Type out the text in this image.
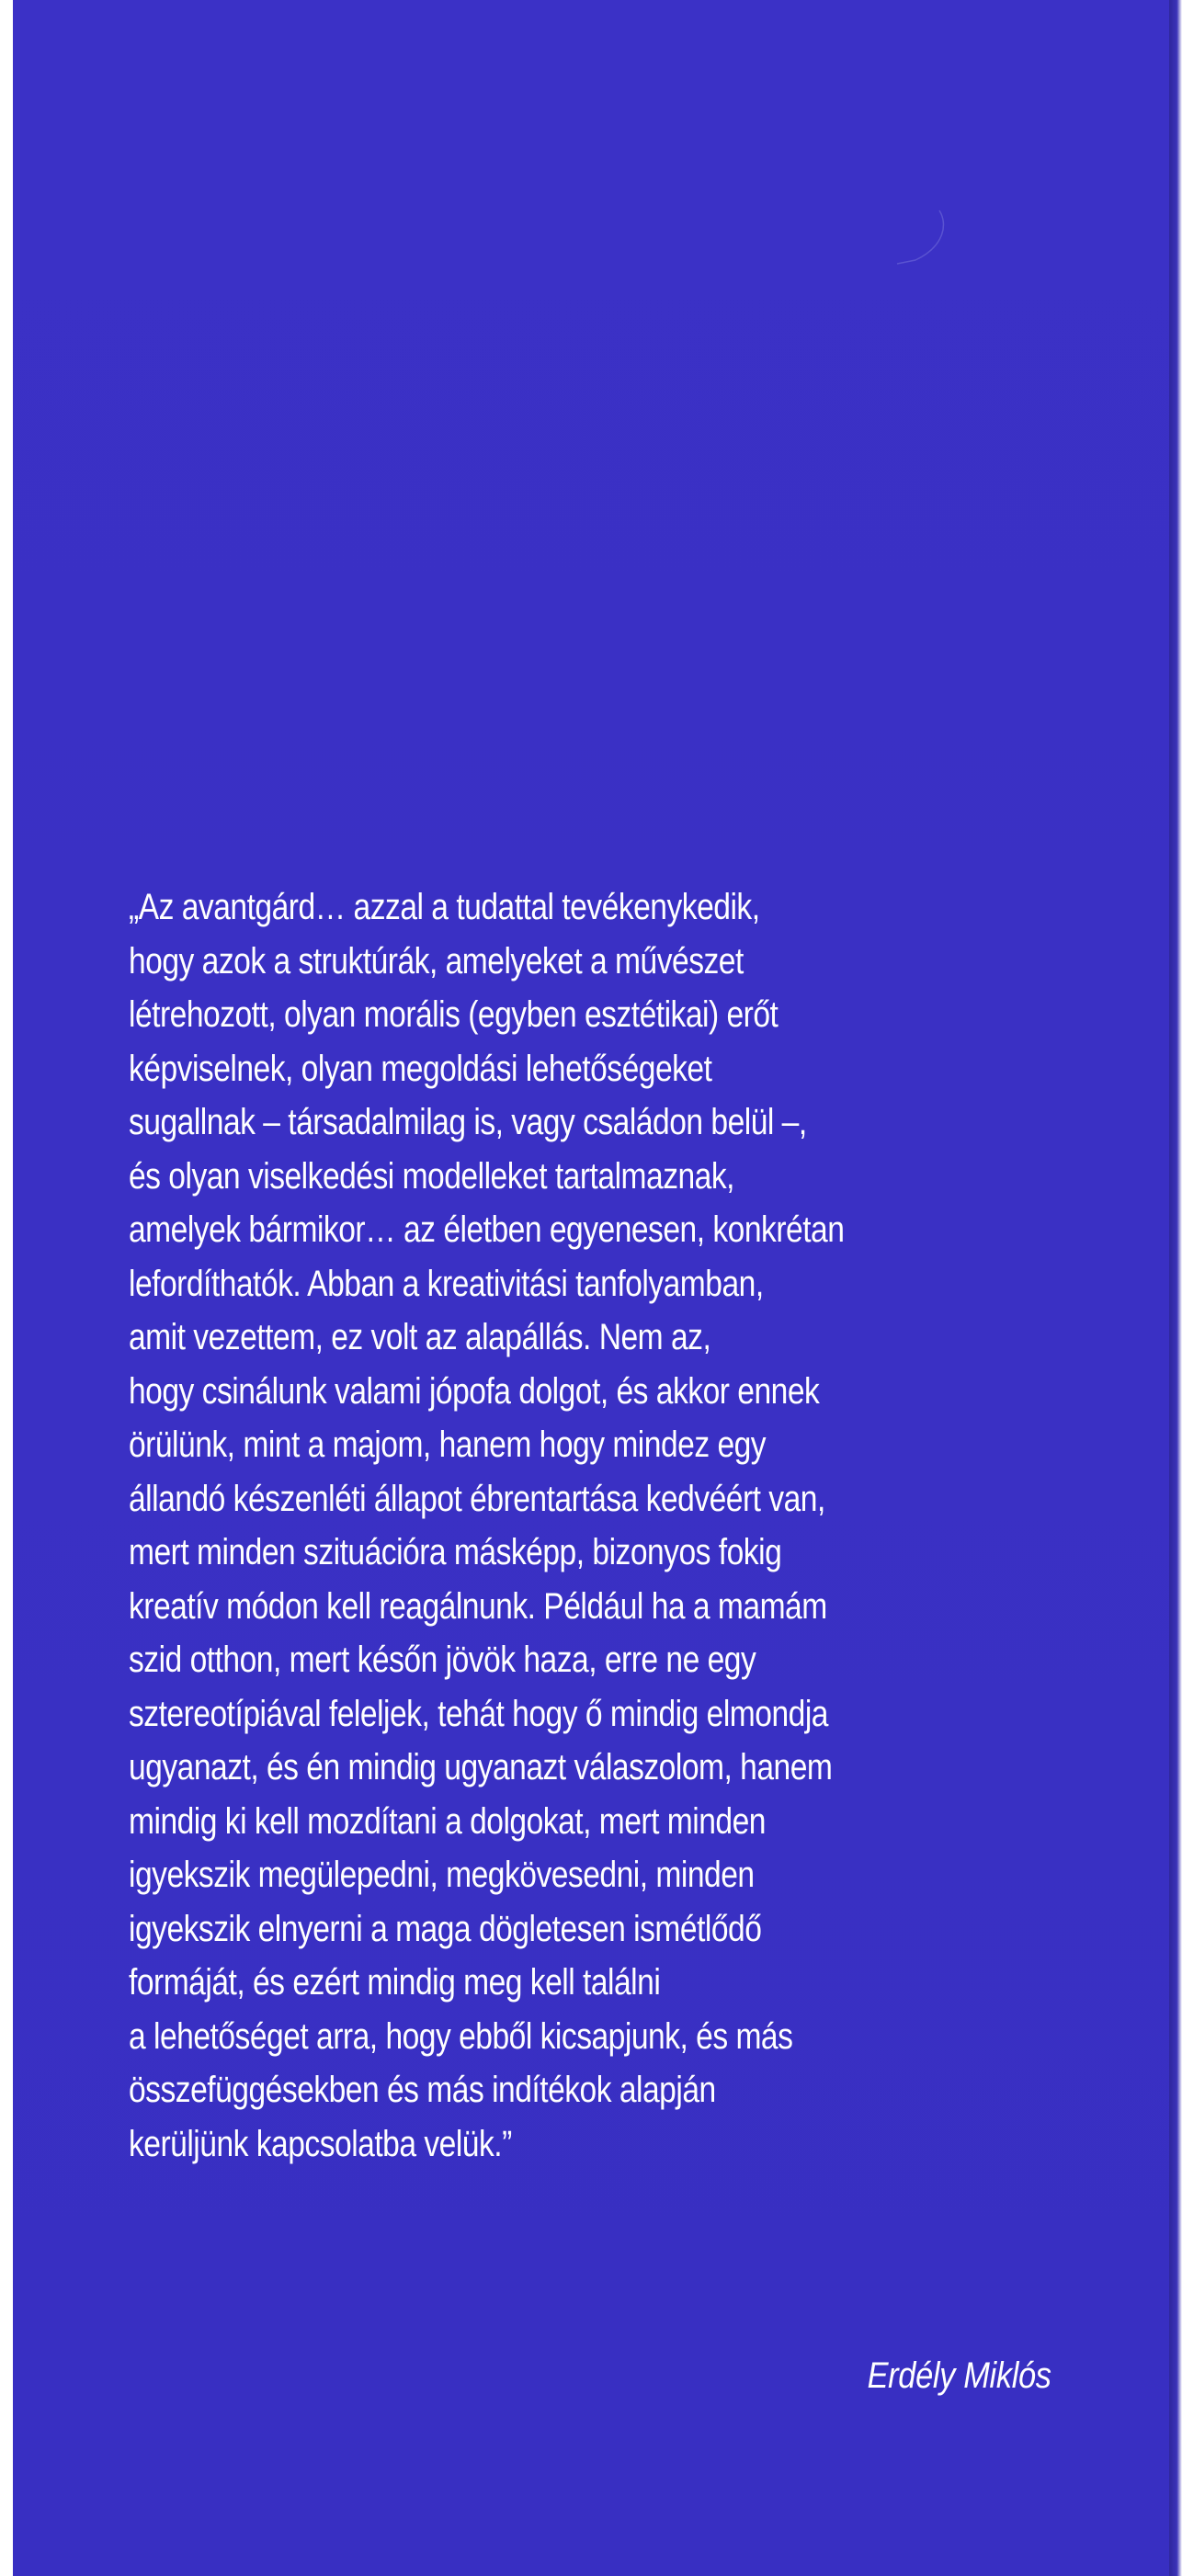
„Az avantgárd… azzal a tudattal tevékenykedik,
hogy azok a struktúrák, amelyeket a művészet
létrehozott, olyan morális (egyben esztétikai) erőt
képviselnek, olyan megoldási lehetőségeket
sugallnak – társadalmilag is, vagy családon belül –,
és olyan viselkedési modelleket tartalmaznak,
amelyek bármikor… az életben egyenesen, konkrétan
lefordíthatók. Abban a kreativitási tanfolyamban,
amit vezettem, ez volt az alapállás. Nem az,
hogy csinálunk valami jópofa dolgot, és akkor ennek
örülünk, mint a majom, hanem hogy mindez egy
állandó készenléti állapot ébrentartása kedvéért van,
mert minden szituációra másképp, bizonyos fokig
kreatív módon kell reagálnunk. Például ha a mamám
szid otthon, mert későn jövök haza, erre ne egy
sztereotípiával feleljek, tehát hogy ő mindig elmondja
ugyanazt, és én mindig ugyanazt válaszolom, hanem
mindig ki kell mozdítani a dolgokat, mert minden
igyekszik megülepedni, megkövesedni, minden
igyekszik elnyerni a maga dögletesen ismétlődő
formáját, és ezért mindig meg kell találni
a lehetőséget arra, hogy ebből kicsapjunk, és más
összefüggésekben és más indítékok alapján
kerüljünk kapcsolatba velük.”

Erdély Miklós
